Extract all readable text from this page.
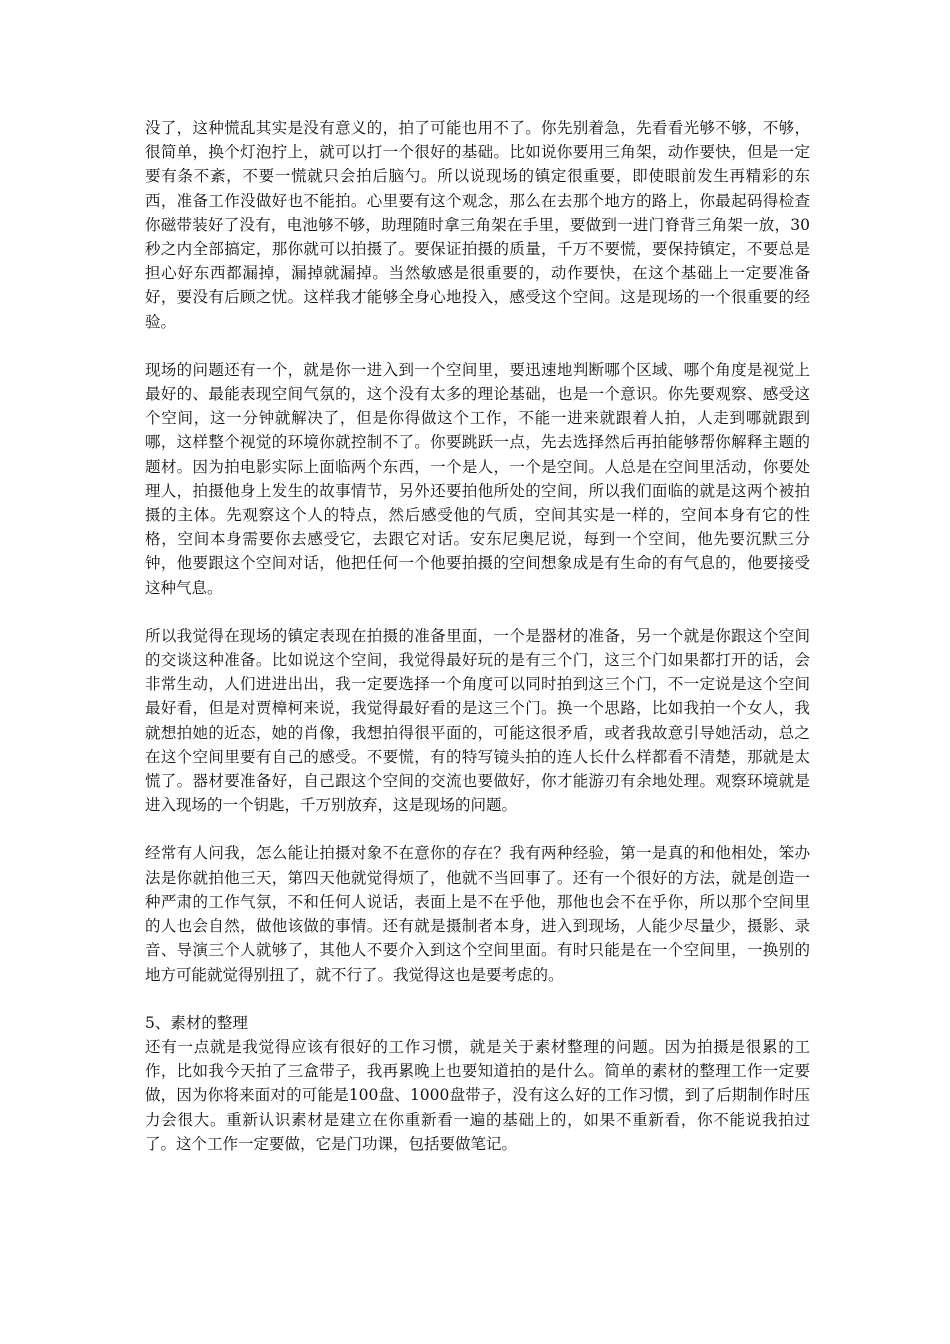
没了，这种慌乱其实是没有意义的，拍了可能也用不了。你先别着急，先看看光够不够，不够，很简单，换个灯泡拧上，就可以打一个很好的基础。比如说你要用三角架，动作要快，但是一定要有条不紊，不要一慌就只会拍后脑勺。所以说现场的镇定很重要，即使眼前发生再精彩的东西，准备工作没做好也不能拍。心里要有这个观念，那么在去那个地方的路上，你最起码得检查你磁带装好了没有，电池够不够，助理随时拿三角架在手里，要做到一进门脊背三角架一放，30秒之内全部搞定，那你就可以拍摄了。要保证拍摄的质量，千万不要慌，要保持镇定，不要总是担心好东西都漏掉，漏掉就漏掉。当然敏感是很重要的，动作要快，在这个基础上一定要准备好，要没有后顾之忧。这样我才能够全身心地投入，感受这个空间。这是现场的一个很重要的经验。

现场的问题还有一个，就是你一进入到一个空间里，要迅速地判断哪个区域、哪个角度是视觉上最好的、最能表现空间气氛的，这个没有太多的理论基础，也是一个意识。你先要观察、感受这个空间，这一分钟就解决了，但是你得做这个工作，不能一进来就跟着人拍，人走到哪就跟到哪，这样整个视觉的环境你就控制不了。你要跳跃一点，先去选择然后再拍能够帮你解释主题的题材。因为拍电影实际上面临两个东西，一个是人，一个是空间。人总是在空间里活动，你要处理人，拍摄他身上发生的故事情节，另外还要拍他所处的空间，所以我们面临的就是这两个被拍摄的主体。先观察这个人的特点，然后感受他的气质，空间其实是一样的，空间本身有它的性格，空间本身需要你去感受它，去跟它对话。安东尼奥尼说，每到一个空间，他先要沉默三分钟，他要跟这个空间对话，他把任何一个他要拍摄的空间想象成是有生命的有气息的，他要接受这种气息。

所以我觉得在现场的镇定表现在拍摄的准备里面，一个是器材的准备，另一个就是你跟这个空间的交谈这种准备。比如说这个空间，我觉得最好玩的是有三个门，这三个门如果都打开的话，会非常生动，人们进进出出，我一定要选择一个角度可以同时拍到这三个门，不一定说是这个空间最好看，但是对贾樟柯来说，我觉得最好看的是这三个门。换一个思路，比如我拍一个女人，我就想拍她的近态，她的肖像，我想拍得很平面的，可能这很矛盾，或者我故意引导她活动，总之在这个空间里要有自己的感受。不要慌，有的特写镜头拍的连人长什么样都看不清楚，那就是太慌了。器材要准备好，自己跟这个空间的交流也要做好，你才能游刃有余地处理。观察环境就是进入现场的一个钥匙，千万别放弃，这是现场的问题。

经常有人问我，怎么能让拍摄对象不在意你的存在？我有两种经验，第一是真的和他相处，笨办法是你就拍他三天，第四天他就觉得烦了，他就不当回事了。还有一个很好的方法，就是创造一种严肃的工作气氛，不和任何人说话，表面上是不在乎他，那他也会不在乎你，所以那个空间里的人也会自然，做他该做的事情。还有就是摄制者本身，进入到现场，人能少尽量少，摄影、录音、导演三个人就够了，其他人不要介入到这个空间里面。有时只能是在一个空间里，一换别的地方可能就觉得别扭了，就不行了。我觉得这也是要考虑的。

5、素材的整理

还有一点就是我觉得应该有很好的工作习惯，就是关于素材整理的问题。因为拍摄是很累的工作，比如我今天拍了三盒带子，我再累晚上也要知道拍的是什么。简单的素材的整理工作一定要做，因为你将来面对的可能是100盘、1000盘带子，没有这么好的工作习惯，到了后期制作时压力会很大。重新认识素材是建立在你重新看一遍的基础上的，如果不重新看，你不能说我拍过了。这个工作一定要做，它是门功课，包括要做笔记。
